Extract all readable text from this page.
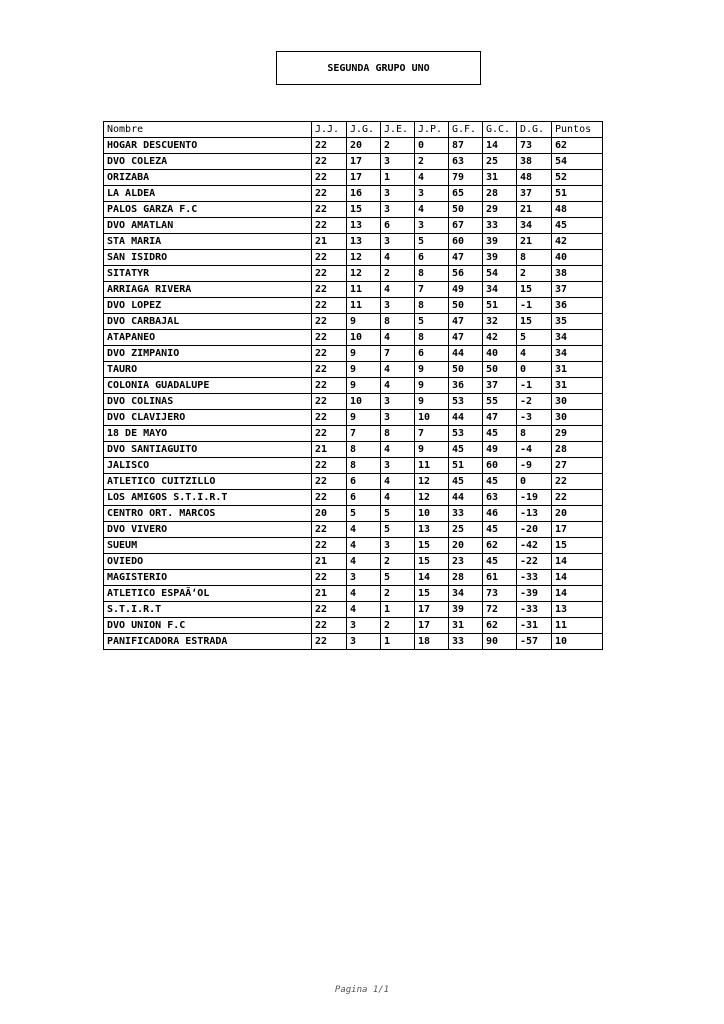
SEGUNDA GRUPO UNO
Nombre	J.J.	J.G.	J.E.	J.P.	G.F.	G.C.	D.G.	Puntos
HOGAR DESCUENTO	22	20	2	0	87	14	73	62
DVO COLEZA	22	17	3	2	63	25	38	54
ORIZABA	22	17	1	4	79	31	48	52
LA ALDEA	22	16	3	3	65	28	37	51
PALOS GARZA F.C	22	15	3	4	50	29	21	48
DVO AMATLAN	22	13	6	3	67	33	34	45
STA MARIA	21	13	3	5	60	39	21	42
SAN ISIDRO	22	12	4	6	47	39	8	40
SITATYR	22	12	2	8	56	54	2	38
ARRIAGA RIVERA	22	11	4	7	49	34	15	37
DVO LOPEZ	22	11	3	8	50	51	-1	36
DVO CARBAJAL	22	9	8	5	47	32	15	35
ATAPANEO	22	10	4	8	47	42	5	34
DVO ZIMPANIO	22	9	7	6	44	40	4	34
TAURO	22	9	4	9	50	50	0	31
COLONIA GUADALUPE	22	9	4	9	36	37	-1	31
DVO COLINAS	22	10	3	9	53	55	-2	30
DVO CLAVIJERO	22	9	3	10	44	47	-3	30
18 DE MAYO	22	7	8	7	53	45	8	29
DVO SANTIAGUITO	21	8	4	9	45	49	-4	28
JALISCO	22	8	3	11	51	60	-9	27
ATLETICO CUITZILLO	22	6	4	12	45	45	0	22
LOS AMIGOS S.T.I.R.T	22	6	4	12	44	63	-19	22
CENTRO ORT. MARCOS	20	5	5	10	33	46	-13	20
DVO VIVERO	22	4	5	13	25	45	-20	17
SUEUM	22	4	3	15	20	62	-42	15
OVIEDO	21	4	2	15	23	45	-22	14
MAGISTERIO	22	3	5	14	28	61	-33	14
ATLETICO ESPAÃ‘OL	21	4	2	15	34	73	-39	14
S.T.I.R.T	22	4	1	17	39	72	-33	13
DVO UNION F.C	22	3	2	17	31	62	-31	11
PANIFICADORA ESTRADA	22	3	1	18	33	90	-57	10
Pagina 1/1
